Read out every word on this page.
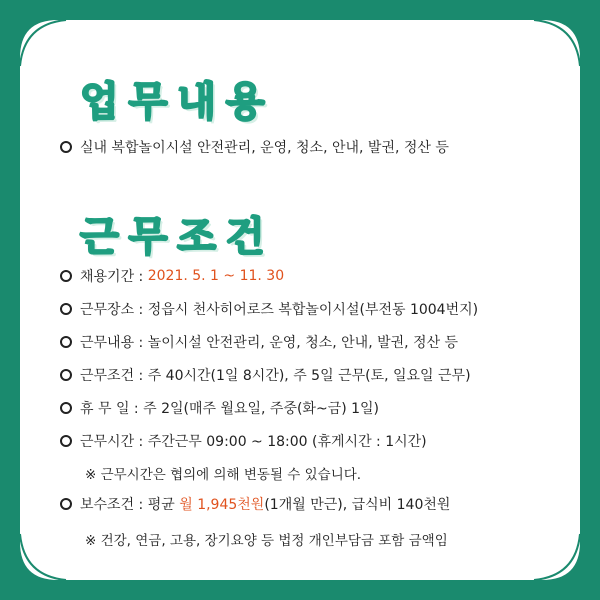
업무내용
실내 복합놀이시설 안전관리, 운영, 청소, 안내, 발권, 정산 등
근무조건
채용기간 :
2021. 5. 1 ~ 11. 30
근무장소 : 정읍시 천사히어로즈 복합놀이시설(부전동 1004번지)
근무내용 : 놀이시설 안전관리, 운영, 청소, 안내, 발권, 정산 등
근무조건 : 주 40시간(1일 8시간), 주 5일 근무(토, 일요일 근무)
휴 무 일 : 주 2일(매주 월요일, 주중(화~금) 1일)
근무시간 : 주간근무 09:00 ~ 18:00 (휴게시간 : 1시간)
※ 근무시간은 협의에 의해 변동될 수 있습니다.
보수조건 : 평균
월 1,945천원 (1개월 만근), 급식비 140천원
※ 건강, 연금, 고용, 장기요양 등 법정 개인부담금 포함 금액임
